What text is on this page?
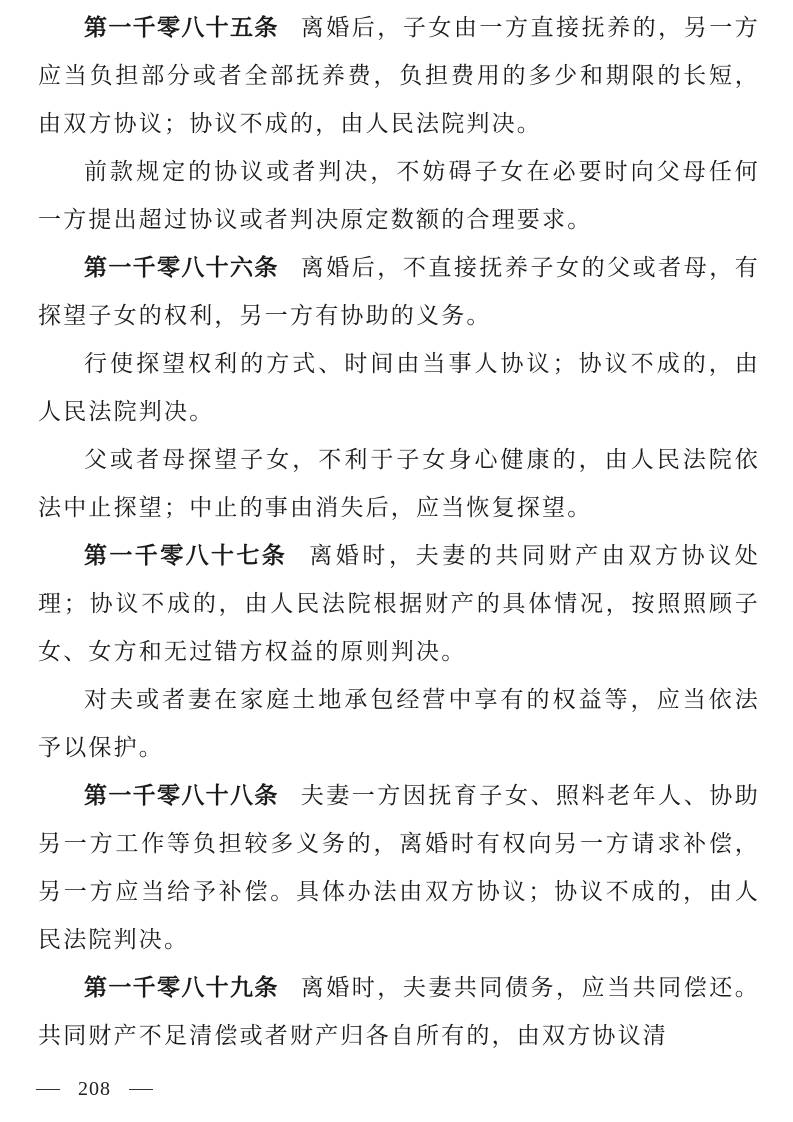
第一千零八十五条 离婚后，子女由一方直接抚养的，另一方应当负担部分或者全部抚养费，负担费用的多少和期限的长短，由双方协议；协议不成的，由人民法院判决。

前款规定的协议或者判决，不妨碍子女在必要时向父母任何一方提出超过协议或者判决原定数额的合理要求。

第一千零八十六条 离婚后，不直接抚养子女的父或者母，有探望子女的权利，另一方有协助的义务。

行使探望权利的方式、时间由当事人协议；协议不成的，由人民法院判决。

父或者母探望子女，不利于子女身心健康的，由人民法院依法中止探望；中止的事由消失后，应当恢复探望。

第一千零八十七条 离婚时，夫妻的共同财产由双方协议处理；协议不成的，由人民法院根据财产的具体情况，按照照顾子女、女方和无过错方权益的原则判决。

对夫或者妻在家庭土地承包经营中享有的权益等，应当依法予以保护。

第一千零八十八条 夫妻一方因抚育子女、照料老年人、协助另一方工作等负担较多义务的，离婚时有权向另一方请求补偿，另一方应当给予补偿。具体办法由双方协议；协议不成的，由人民法院判决。

第一千零八十九条 离婚时，夫妻共同债务，应当共同偿还。共同财产不足清偿或者财产归各自所有的，由双方协议清

208
